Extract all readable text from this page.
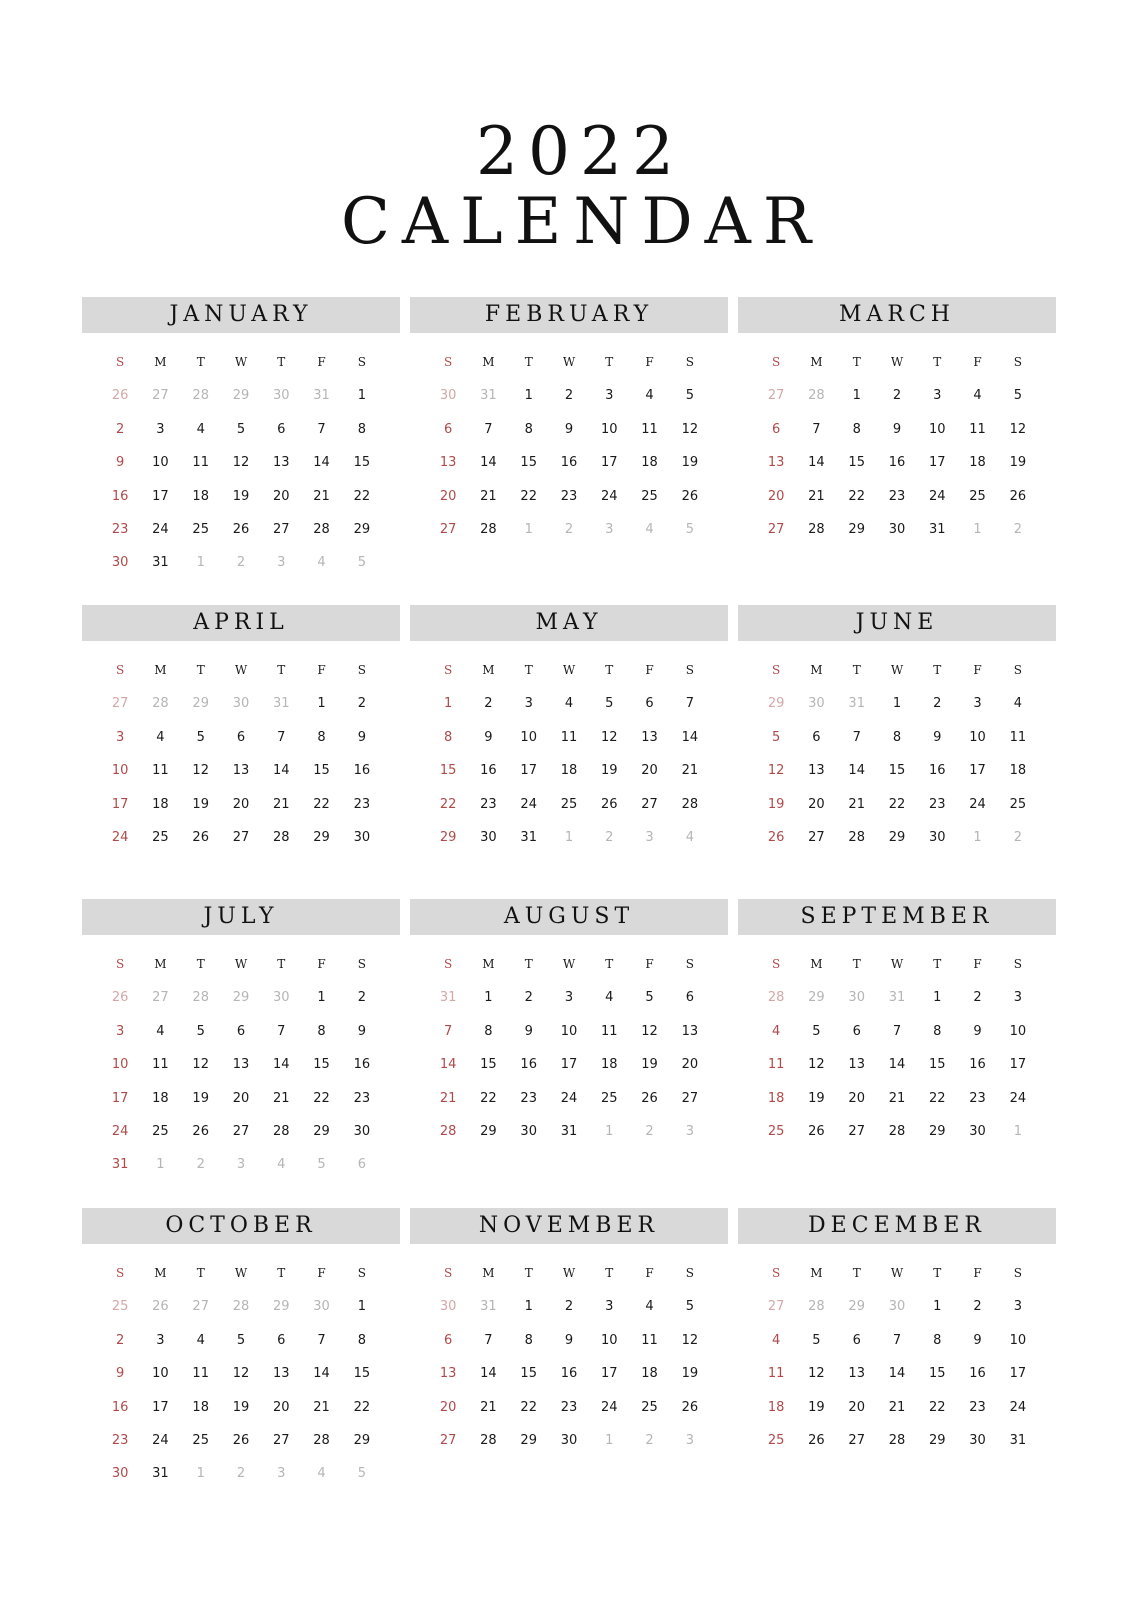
2022
CALENDAR
JANUARY
S	M	T	W	T	F	S
26	27	28	29	30	31	1
2	3	4	5	6	7	8
9	10	11	12	13	14	15
16	17	18	19	20	21	22
23	24	25	26	27	28	29
30	31	1	2	3	4	5
FEBRUARY
S	M	T	W	T	F	S
30	31	1	2	3	4	5
6	7	8	9	10	11	12
13	14	15	16	17	18	19
20	21	22	23	24	25	26
27	28	1	2	3	4	5
MARCH
S	M	T	W	T	F	S
27	28	1	2	3	4	5
6	7	8	9	10	11	12
13	14	15	16	17	18	19
20	21	22	23	24	25	26
27	28	29	30	31	1	2
APRIL
S	M	T	W	T	F	S
27	28	29	30	31	1	2
3	4	5	6	7	8	9
10	11	12	13	14	15	16
17	18	19	20	21	22	23
24	25	26	27	28	29	30
MAY
S	M	T	W	T	F	S
1	2	3	4	5	6	7
8	9	10	11	12	13	14
15	16	17	18	19	20	21
22	23	24	25	26	27	28
29	30	31	1	2	3	4
JUNE
S	M	T	W	T	F	S
29	30	31	1	2	3	4
5	6	7	8	9	10	11
12	13	14	15	16	17	18
19	20	21	22	23	24	25
26	27	28	29	30	1	2
JULY
S	M	T	W	T	F	S
26	27	28	29	30	1	2
3	4	5	6	7	8	9
10	11	12	13	14	15	16
17	18	19	20	21	22	23
24	25	26	27	28	29	30
31	1	2	3	4	5	6
AUGUST
S	M	T	W	T	F	S
31	1	2	3	4	5	6
7	8	9	10	11	12	13
14	15	16	17	18	19	20
21	22	23	24	25	26	27
28	29	30	31	1	2	3
SEPTEMBER
S	M	T	W	T	F	S
28	29	30	31	1	2	3
4	5	6	7	8	9	10
11	12	13	14	15	16	17
18	19	20	21	22	23	24
25	26	27	28	29	30	1
OCTOBER
S	M	T	W	T	F	S
25	26	27	28	29	30	1
2	3	4	5	6	7	8
9	10	11	12	13	14	15
16	17	18	19	20	21	22
23	24	25	26	27	28	29
30	31	1	2	3	4	5
NOVEMBER
S	M	T	W	T	F	S
30	31	1	2	3	4	5
6	7	8	9	10	11	12
13	14	15	16	17	18	19
20	21	22	23	24	25	26
27	28	29	30	1	2	3
DECEMBER
S	M	T	W	T	F	S
27	28	29	30	1	2	3
4	5	6	7	8	9	10
11	12	13	14	15	16	17
18	19	20	21	22	23	24
25	26	27	28	29	30	31
